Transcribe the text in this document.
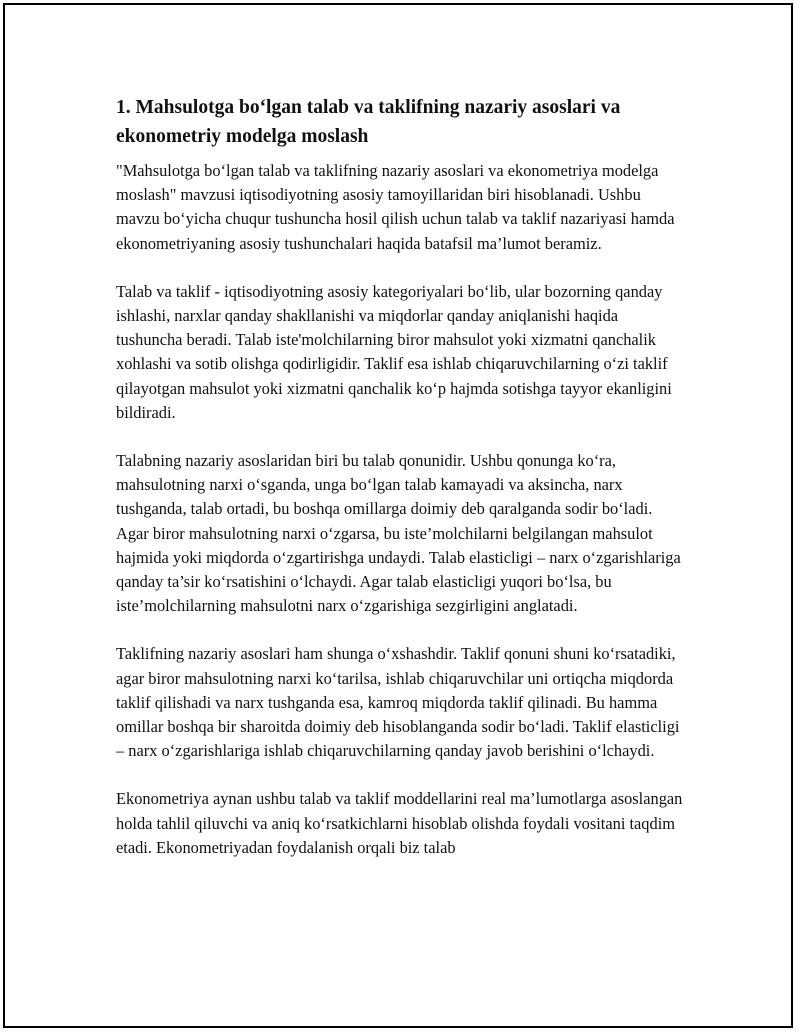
1. Mahsulotga bo‘lgan talab va taklifning nazariy asoslari va ekonometriy modelga moslash

"Mahsulotga bo‘lgan talab va taklifning nazariy asoslari va ekonometriya modelga moslash" mavzusi iqtisodiyotning asosiy tamoyillaridan biri hisoblanadi. Ushbu mavzu bo‘yicha chuqur tushuncha hosil qilish uchun talab va taklif nazariyasi hamda ekonometriyaning asosiy tushunchalari haqida batafsil ma’lumot beramiz.

Talab va taklif - iqtisodiyotning asosiy kategoriyalari bo‘lib, ular bozorning qanday ishlashi, narxlar qanday shakllanishi va miqdorlar qanday aniqlanishi haqida tushuncha beradi. Talab iste'molchilarning biror mahsulot yoki xizmatni qanchalik xohlashi va sotib olishga qodirligidir. Taklif esa ishlab chiqaruvchilarning o‘zi taklif qilayotgan mahsulot yoki xizmatni qanchalik ko‘p hajmda sotishga tayyor ekanligini bildiradi.

Talabning nazariy asoslaridan biri bu talab qonunidir. Ushbu qonunga ko‘ra, mahsulotning narxi o‘sganda, unga bo‘lgan talab kamayadi va aksincha, narx tushganda, talab ortadi, bu boshqa omillarga doimiy deb qaralganda sodir bo‘ladi. Agar biror mahsulotning narxi o‘zgarsa, bu iste’molchilarni belgilangan mahsulot hajmida yoki miqdorda o‘zgartirishga undaydi. Talab elasticligi – narx o‘zgarishlariga qanday ta’sir ko‘rsatishini o‘lchaydi. Agar talab elasticligi yuqori bo‘lsa, bu iste’molchilarning mahsulotni narx o‘zgarishiga sezgirligini anglatadi.

Taklifning nazariy asoslari ham shunga o‘xshashdir. Taklif qonuni shuni ko‘rsatadiki, agar biror mahsulotning narxi ko‘tarilsa, ishlab chiqaruvchilar uni ortiqcha miqdorda taklif qilishadi va narx tushganda esa, kamroq miqdorda taklif qilinadi. Bu hamma omillar boshqa bir sharoitda doimiy deb hisoblanganda sodir bo‘ladi. Taklif elasticligi – narx o‘zgarishlariga ishlab chiqaruvchilarning qanday javob berishini o‘lchaydi.

Ekonometriya aynan ushbu talab va taklif moddellarini real ma’lumotlarga asoslangan holda tahlil qiluvchi va aniq ko‘rsatkichlarni hisoblab olishda foydali vositani taqdim etadi. Ekonometriyadan foydalanish orqali biz talab
